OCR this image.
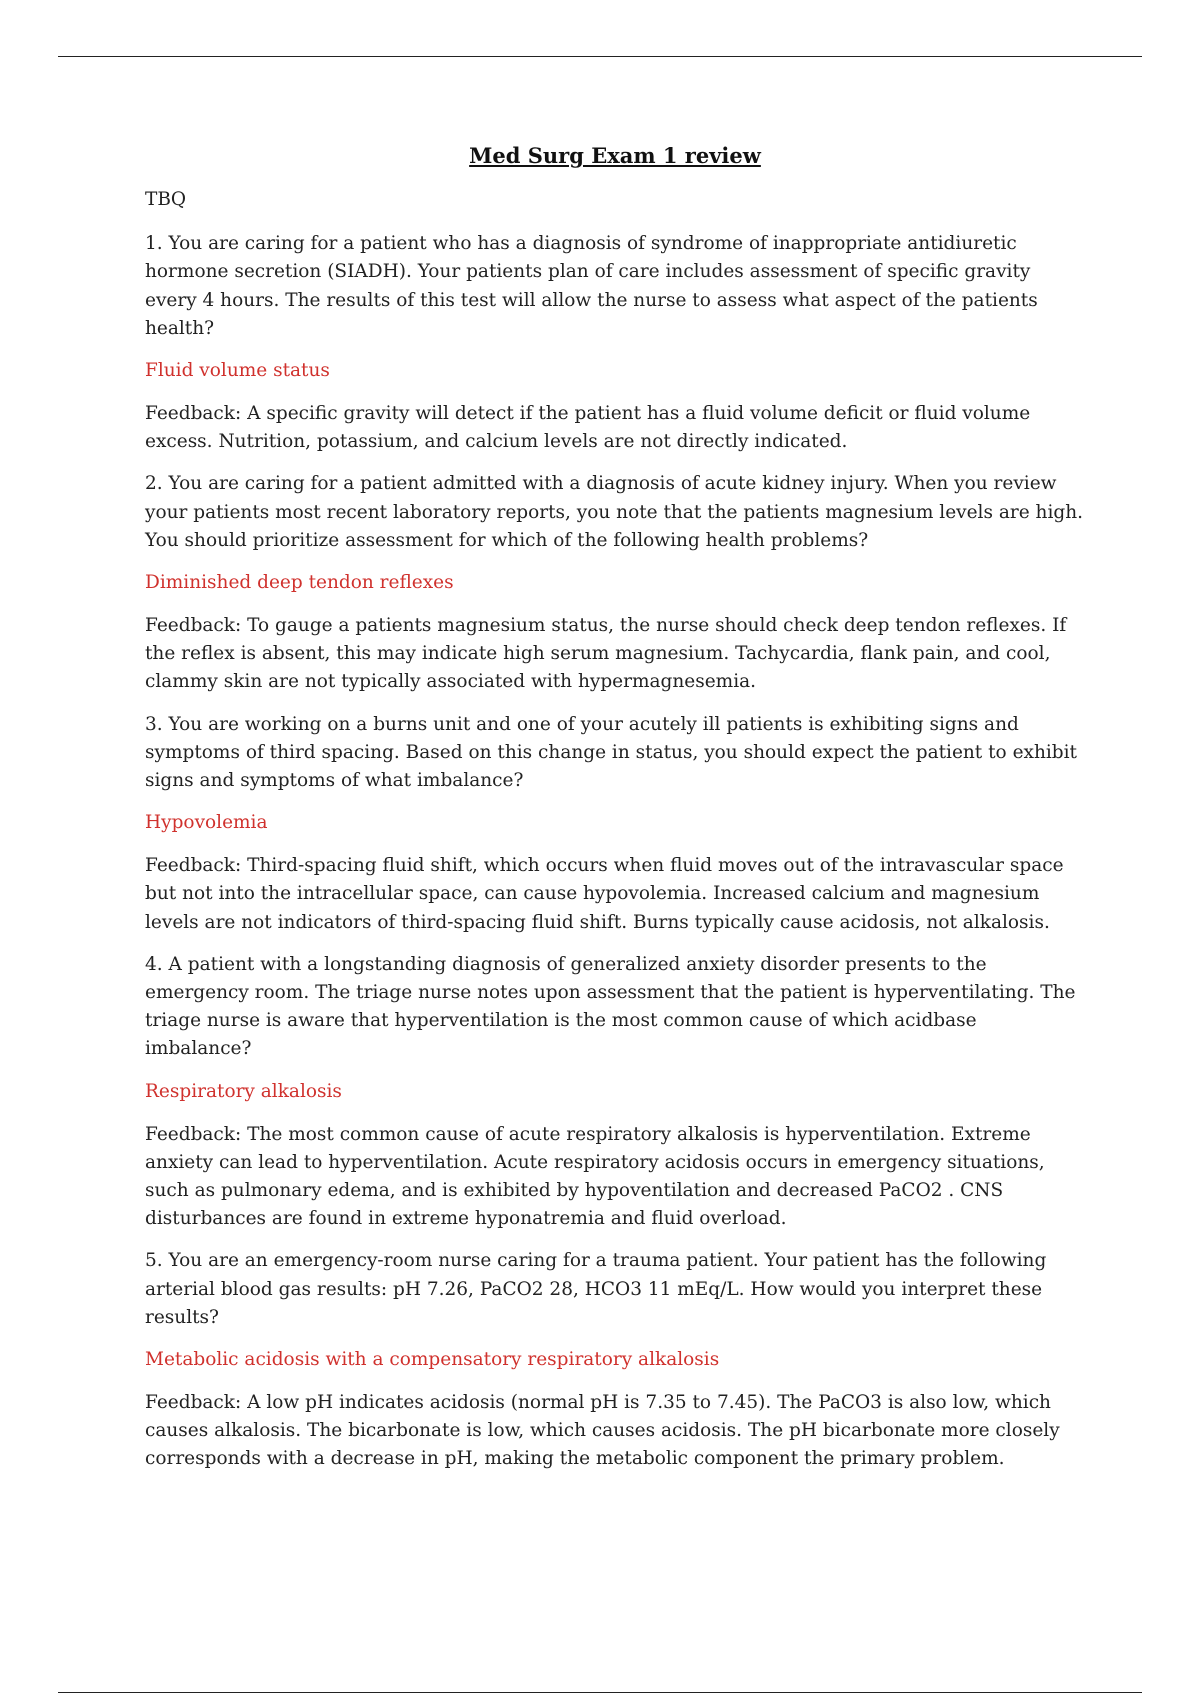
Med Surg Exam 1 review
TBQ
1. You are caring for a patient who has a diagnosis of syndrome of inappropriate antidiuretic hormone secretion (SIADH). Your patients plan of care includes assessment of specific gravity every 4 hours. The results of this test will allow the nurse to assess what aspect of the patients health?
Fluid volume status
Feedback: A specific gravity will detect if the patient has a fluid volume deficit or fluid volume excess. Nutrition, potassium, and calcium levels are not directly indicated.
2. You are caring for a patient admitted with a diagnosis of acute kidney injury. When you review your patients most recent laboratory reports, you note that the patients magnesium levels are high. You should prioritize assessment for which of the following health problems?
Diminished deep tendon reflexes
Feedback: To gauge a patients magnesium status, the nurse should check deep tendon reflexes. If the reflex is absent, this may indicate high serum magnesium. Tachycardia, flank pain, and cool, clammy skin are not typically associated with hypermagnesemia.
3. You are working on a burns unit and one of your acutely ill patients is exhibiting signs and symptoms of third spacing. Based on this change in status, you should expect the patient to exhibit signs and symptoms of what imbalance?
Hypovolemia
Feedback: Third-spacing fluid shift, which occurs when fluid moves out of the intravascular space but not into the intracellular space, can cause hypovolemia. Increased calcium and magnesium levels are not indicators of third-spacing fluid shift. Burns typically cause acidosis, not alkalosis.
4. A patient with a longstanding diagnosis of generalized anxiety disorder presents to the emergency room. The triage nurse notes upon assessment that the patient is hyperventilating. The triage nurse is aware that hyperventilation is the most common cause of which acidbase imbalance?
Respiratory alkalosis
Feedback: The most common cause of acute respiratory alkalosis is hyperventilation. Extreme anxiety can lead to hyperventilation. Acute respiratory acidosis occurs in emergency situations, such as pulmonary edema, and is exhibited by hypoventilation and decreased PaCO2 . CNS disturbances are found in extreme hyponatremia and fluid overload.
5. You are an emergency-room nurse caring for a trauma patient. Your patient has the following arterial blood gas results: pH 7.26, PaCO2 28, HCO3 11 mEq/L. How would you interpret these results?
Metabolic acidosis with a compensatory respiratory alkalosis
Feedback: A low pH indicates acidosis (normal pH is 7.35 to 7.45). The PaCO3 is also low, which causes alkalosis. The bicarbonate is low, which causes acidosis. The pH bicarbonate more closely corresponds with a decrease in pH, making the metabolic component the primary problem.
